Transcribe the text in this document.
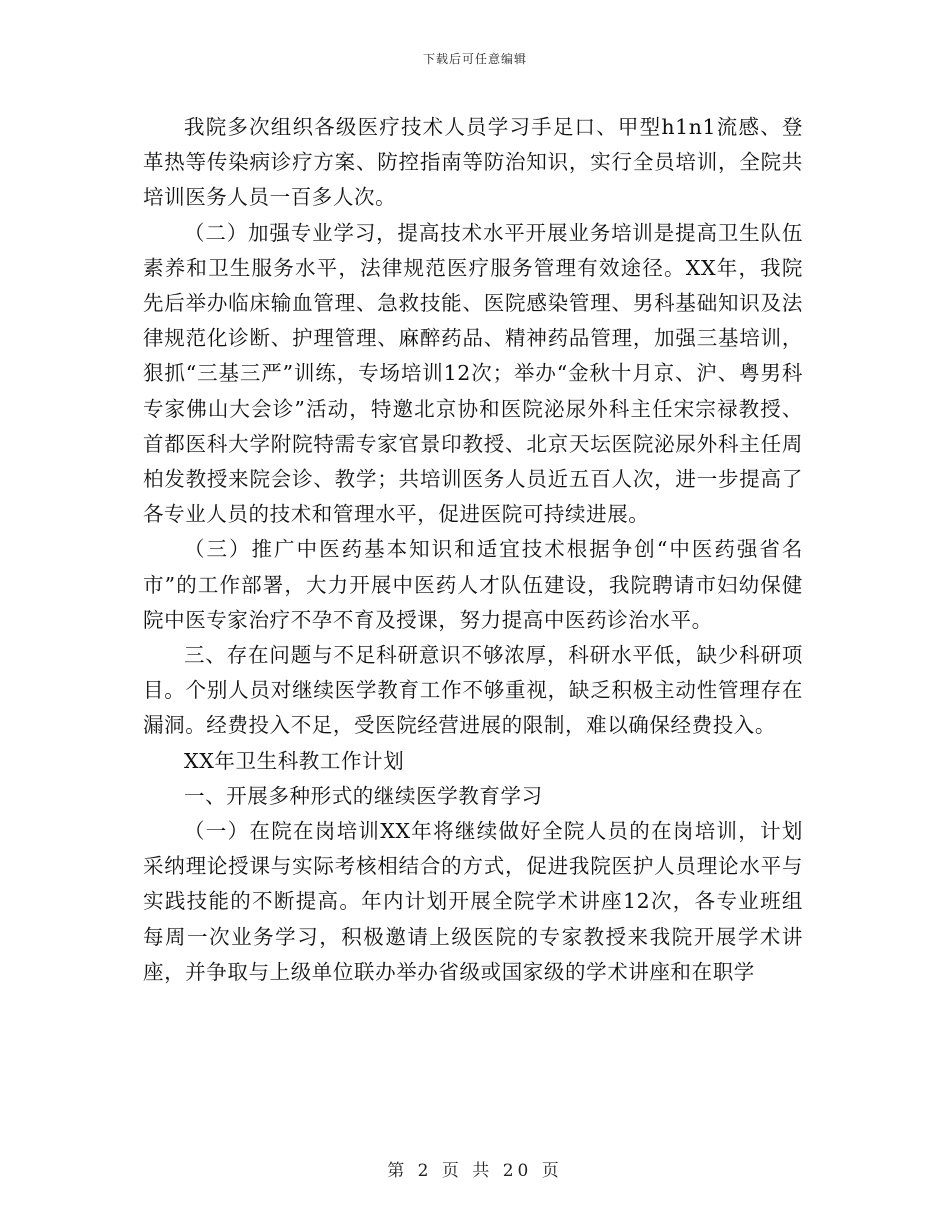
下载后可任意编辑

我院多次组织各级医疗技术人员学习手足口、甲型h1n1流感、登革热等传染病诊疗方案、防控指南等防治知识，实行全员培训，全院共培训医务人员一百多人次。

（二）加强专业学习，提高技术水平开展业务培训是提高卫生队伍素养和卫生服务水平，法律规范医疗服务管理有效途径。XX年，我院先后举办临床输血管理、急救技能、医院感染管理、男科基础知识及法律规范化诊断、护理管理、麻醉药品、精神药品管理，加强三基培训，狠抓“三基三严”训练，专场培训12次；举办“金秋十月京、沪、粤男科专家佛山大会诊”活动，特邀北京协和医院泌尿外科主任宋宗禄教授、首都医科大学附院特需专家官景印教授、北京天坛医院泌尿外科主任周柏发教授来院会诊、教学；共培训医务人员近五百人次，进一步提高了各专业人员的技术和管理水平，促进医院可持续进展。

（三）推广中医药基本知识和适宜技术根据争创“中医药强省名市”的工作部署，大力开展中医药人才队伍建设，我院聘请市妇幼保健院中医专家治疗不孕不育及授课，努力提高中医药诊治水平。

三、存在问题与不足科研意识不够浓厚，科研水平低，缺少科研项目。个别人员对继续医学教育工作不够重视，缺乏积极主动性管理存在漏洞。经费投入不足，受医院经营进展的限制，难以确保经费投入。

XX年卫生科教工作计划

一、开展多种形式的继续医学教育学习

（一）在院在岗培训XX年将继续做好全院人员的在岗培训，计划采纳理论授课与实际考核相结合的方式，促进我院医护人员理论水平与实践技能的不断提高。年内计划开展全院学术讲座12次，各专业班组每周一次业务学习，积极邀请上级医院的专家教授来我院开展学术讲座，并争取与上级单位联办举办省级或国家级的学术讲座和在职学

第 2 页 共 20 页
